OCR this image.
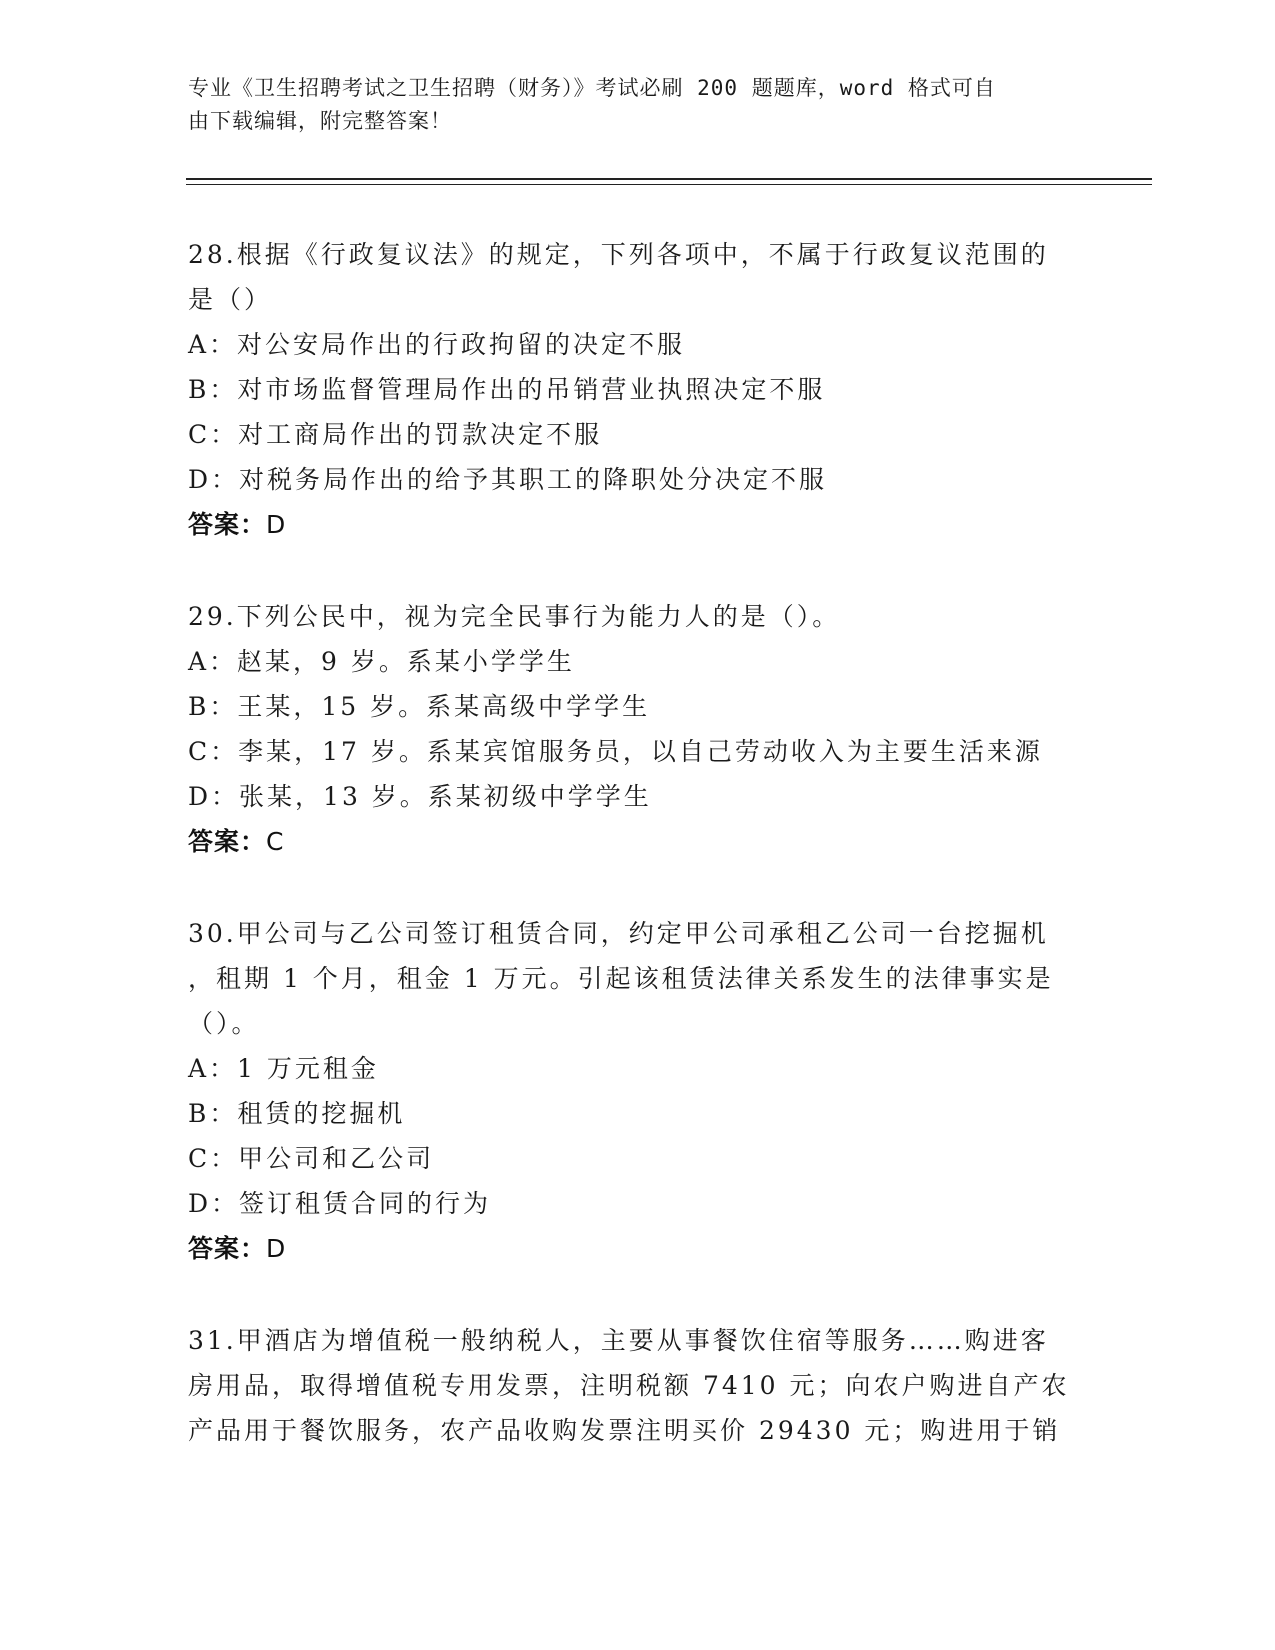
专业《卫生招聘考试之卫生招聘（财务）》考试必刷 200 题题库，word 格式可自
由下载编辑，附完整答案！
28.根据《行政复议法》的规定，下列各项中，不属于行政复议范围的
是（）
A：对公安局作出的行政拘留的决定不服
B：对市场监督管理局作出的吊销营业执照决定不服
C：对工商局作出的罚款决定不服
D：对税务局作出的给予其职工的降职处分决定不服
答案：D
29.下列公民中，视为完全民事行为能力人的是（）。
A：赵某，9 岁。系某小学学生
B：王某，15 岁。系某高级中学学生
C：李某，17 岁。系某宾馆服务员，以自己劳动收入为主要生活来源
D：张某，13 岁。系某初级中学学生
答案：C
30.甲公司与乙公司签订租赁合同，约定甲公司承租乙公司一台挖掘机
，租期 1 个月，租金 1 万元。引起该租赁法律关系发生的法律事实是
（）。
A：1 万元租金
B：租赁的挖掘机
C：甲公司和乙公司
D：签订租赁合同的行为
答案：D
31.甲酒店为增值税一般纳税人，主要从事餐饮住宿等服务……购进客
房用品，取得增值税专用发票，注明税额 7410 元；向农户购进自产农
产品用于餐饮服务，农产品收购发票注明买价 29430 元；购进用于销
